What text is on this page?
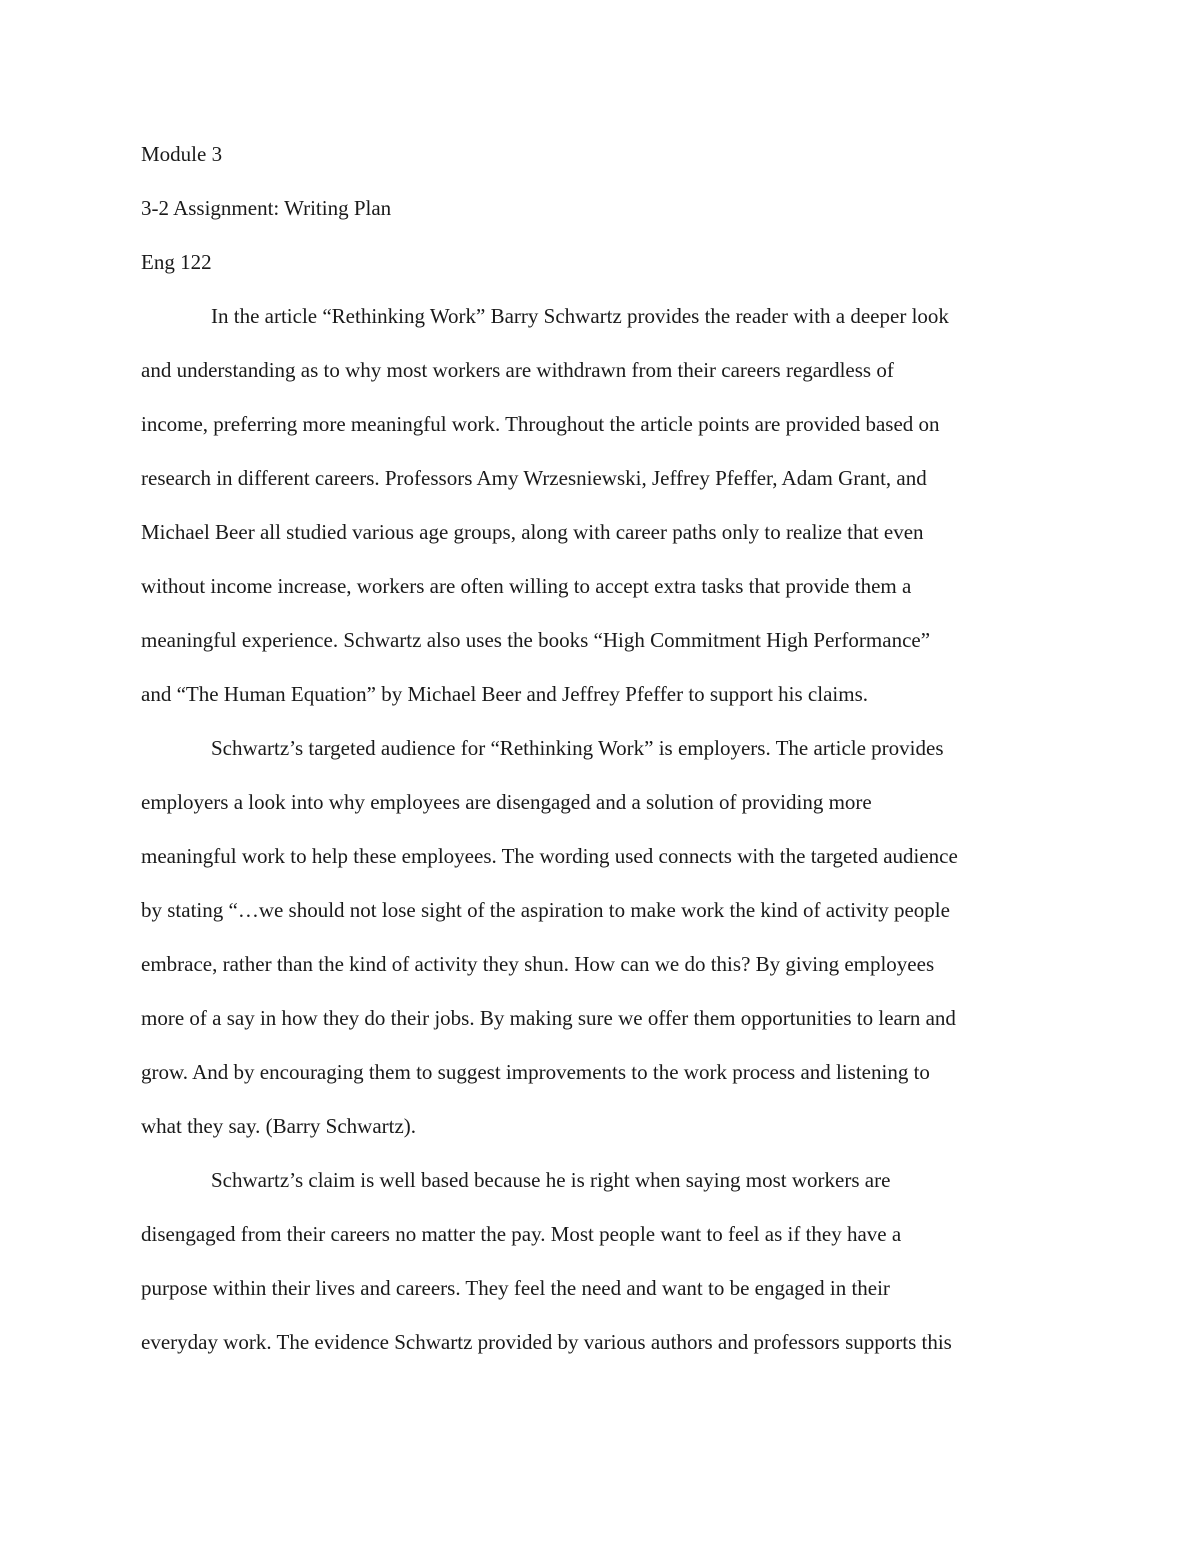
Module 3

3-2 Assignment: Writing Plan

Eng 122

In the article “Rethinking Work” Barry Schwartz provides the reader with a deeper look
and understanding as to why most workers are withdrawn from their careers regardless of
income, preferring more meaningful work. Throughout the article points are provided based on
research in different careers. Professors Amy Wrzesniewski, Jeffrey Pfeffer, Adam Grant, and
Michael Beer all studied various age groups, along with career paths only to realize that even
without income increase, workers are often willing to accept extra tasks that provide them a
meaningful experience. Schwartz also uses the books “High Commitment High Performance”
and “The Human Equation” by Michael Beer and Jeffrey Pfeffer to support his claims.

Schwartz’s targeted audience for “Rethinking Work” is employers. The article provides
employers a look into why employees are disengaged and a solution of providing more
meaningful work to help these employees. The wording used connects with the targeted audience
by stating “…we should not lose sight of the aspiration to make work the kind of activity people
embrace, rather than the kind of activity they shun. How can we do this? By giving employees
more of a say in how they do their jobs. By making sure we offer them opportunities to learn and
grow. And by encouraging them to suggest improvements to the work process and listening to
what they say. (Barry Schwartz).

Schwartz’s claim is well based because he is right when saying most workers are
disengaged from their careers no matter the pay. Most people want to feel as if they have a
purpose within their lives and careers. They feel the need and want to be engaged in their
everyday work. The evidence Schwartz provided by various authors and professors supports this
